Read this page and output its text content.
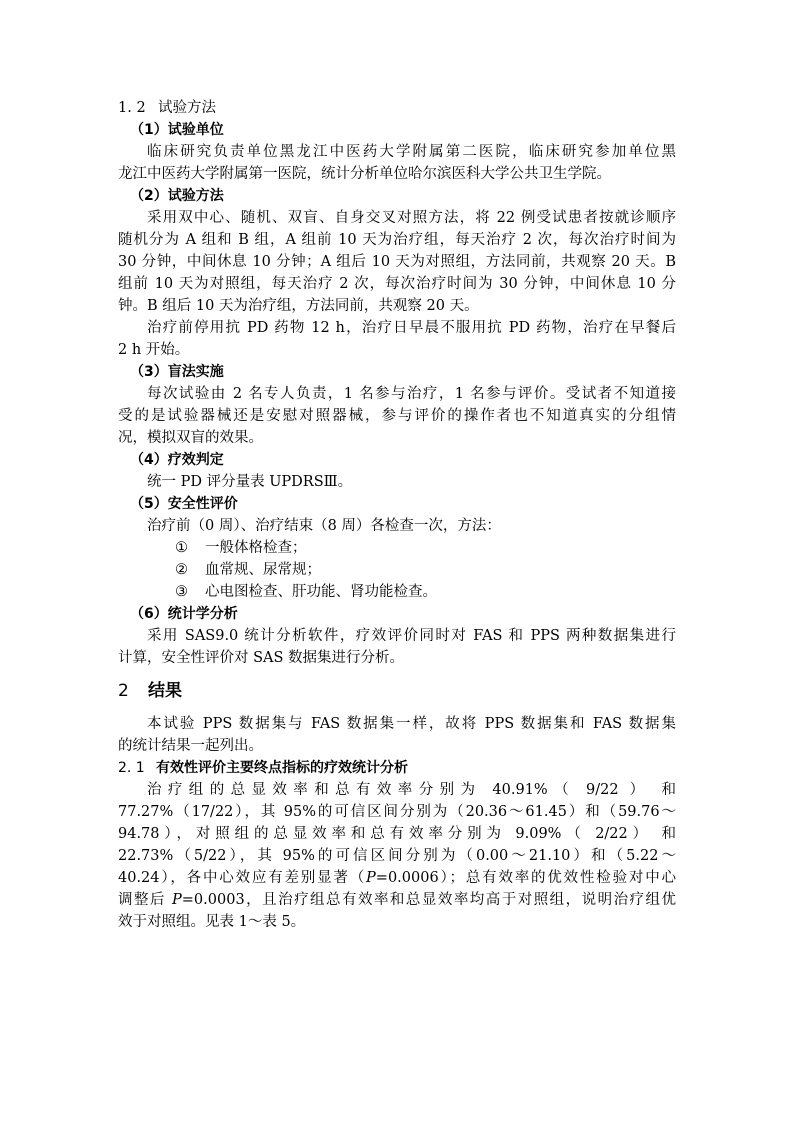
1. 2 试验方法
（1）试验单位
临床研究负责单位黑龙江中医药大学附属第二医院，临床研究参加单位黑
龙江中医药大学附属第一医院，统计分析单位哈尔滨医科大学公共卫生学院。
（2）试验方法
采用双中心、随机、双盲、自身交叉对照方法，将 22 例受试患者按就诊顺序
随机分为 A 组和 B 组，A 组前 10 天为治疗组，每天治疗 2 次，每次治疗时间为
30 分钟，中间休息 10 分钟；A 组后 10 天为对照组，方法同前，共观察 20 天。B
组前 10 天为对照组，每天治疗 2 次，每次治疗时间为 30 分钟，中间休息 10 分
钟。B 组后 10 天为治疗组，方法同前，共观察 20 天。
治疗前停用抗 PD 药物 12 h，治疗日早晨不服用抗 PD 药物，治疗在早餐后
2 h 开始。
（3）盲法实施
每次试验由 2 名专人负责，1 名参与治疗，1 名参与评价。受试者不知道接
受的是试验器械还是安慰对照器械，参与评价的操作者也不知道真实的分组情
况，模拟双盲的效果。
（4）疗效判定
统一 PD 评分量表 UPDRSⅢ。
（5）安全性评价
治疗前（0 周）、治疗结束（8 周）各检查一次，方法：
① 一般体格检查；
② 血常规、尿常规；
③ 心电图检查、肝功能、肾功能检查。
（6）统计学分析
采用 SAS9.0 统计分析软件，疗效评价同时对 FAS 和 PPS 两种数据集进行
计算，安全性评价对 SAS 数据集进行分析。
2 结果
本试验 PPS 数据集与 FAS 数据集一样，故将 PPS 数据集和 FAS 数据集
的统计结果一起列出。
2. 1 有效性评价主要终点指标的疗效统计分析
治疗组的总显效率和总有效率分别为 40.91%（ 9/22 ） 和
77.27%（17/22），其 95%的可信区间分别为（20.36～61.45）和（59.76～
94.78），对照组的总显效率和总有效率分别为 9.09%（ 2/22） 和
22.73%（5/22），其 95%的可信区间分别为（0.00～21.10）和（5.22～
40.24），各中心效应有差别显著（P=0.0006）；总有效率的优效性检验对中心
调整后 P=0.0003，且治疗组总有效率和总显效率均高于对照组，说明治疗组优
效于对照组。见表 1～表 5。
